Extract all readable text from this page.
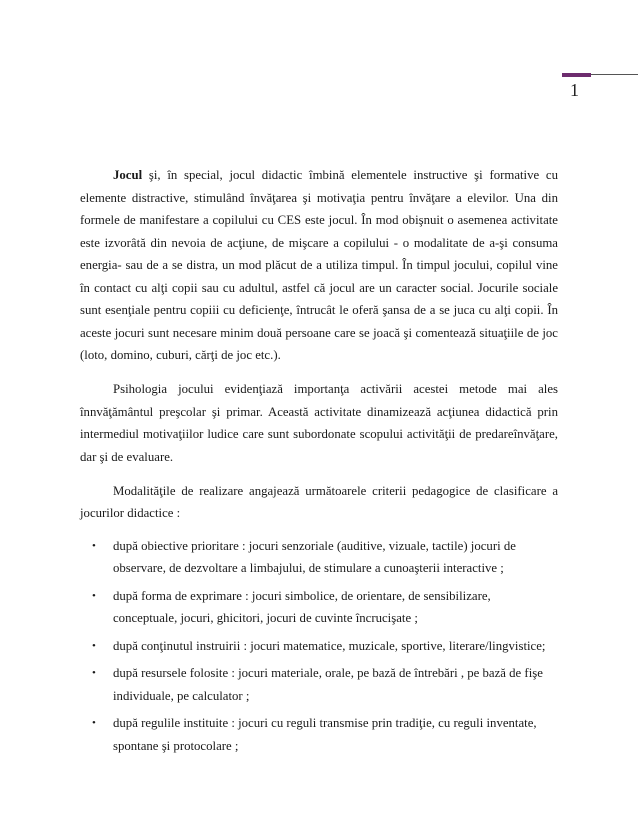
1

Jocul şi, în special, jocul didactic îmbină elementele instructive şi formative cu elemente distractive, stimulând învăţarea şi motivaţia pentru învăţare a elevilor. Una din formele de manifestare a copilului cu CES este jocul. În mod obişnuit o asemenea activitate este izvorâtă din nevoia de acţiune, de mişcare a copilului - o modalitate de a-şi consuma energia- sau de a se distra, un mod plăcut de a utiliza timpul. În timpul jocului, copilul vine în contact cu alţi copii sau cu adultul, astfel că jocul are un caracter social. Jocurile sociale sunt esenţiale pentru copiii cu deficienţe, întrucât le oferă şansa de a se juca cu alţi copii. În aceste jocuri sunt necesare minim două persoane care se joacă şi comentează situaţiile de joc (loto, domino, cuburi, cărţi de joc etc.).

Psihologia jocului evidenţiază importanţa activării acestei metode mai ales înnvăţământul preşcolar şi primar. Această activitate dinamizează acţiunea didactică prin intermediul motivaţiilor ludice care sunt subordonate scopului activităţii de predareînvăţare, dar şi de evaluare.

Modalităţile de realizare angajează următoarele criterii pedagogice de clasificare a jocurilor didactice :

• după obiective prioritare : jocuri senzoriale (auditive, vizuale, tactile) jocuri de observare, de dezvoltare a limbajului, de stimulare a cunoaşterii interactive ;
• după forma de exprimare : jocuri simbolice, de orientare, de sensibilizare, conceptuale, jocuri, ghicitori, jocuri de cuvinte încrucişate ;
• după conţinutul instruirii : jocuri matematice, muzicale, sportive, literare/lingvistice;
• după resursele folosite : jocuri materiale, orale, pe bază de întrebări , pe bază de fişe individuale, pe calculator ;
• după regulile instituite : jocuri cu reguli transmise prin tradiţie, cu reguli inventate, spontane şi protocolare ;
